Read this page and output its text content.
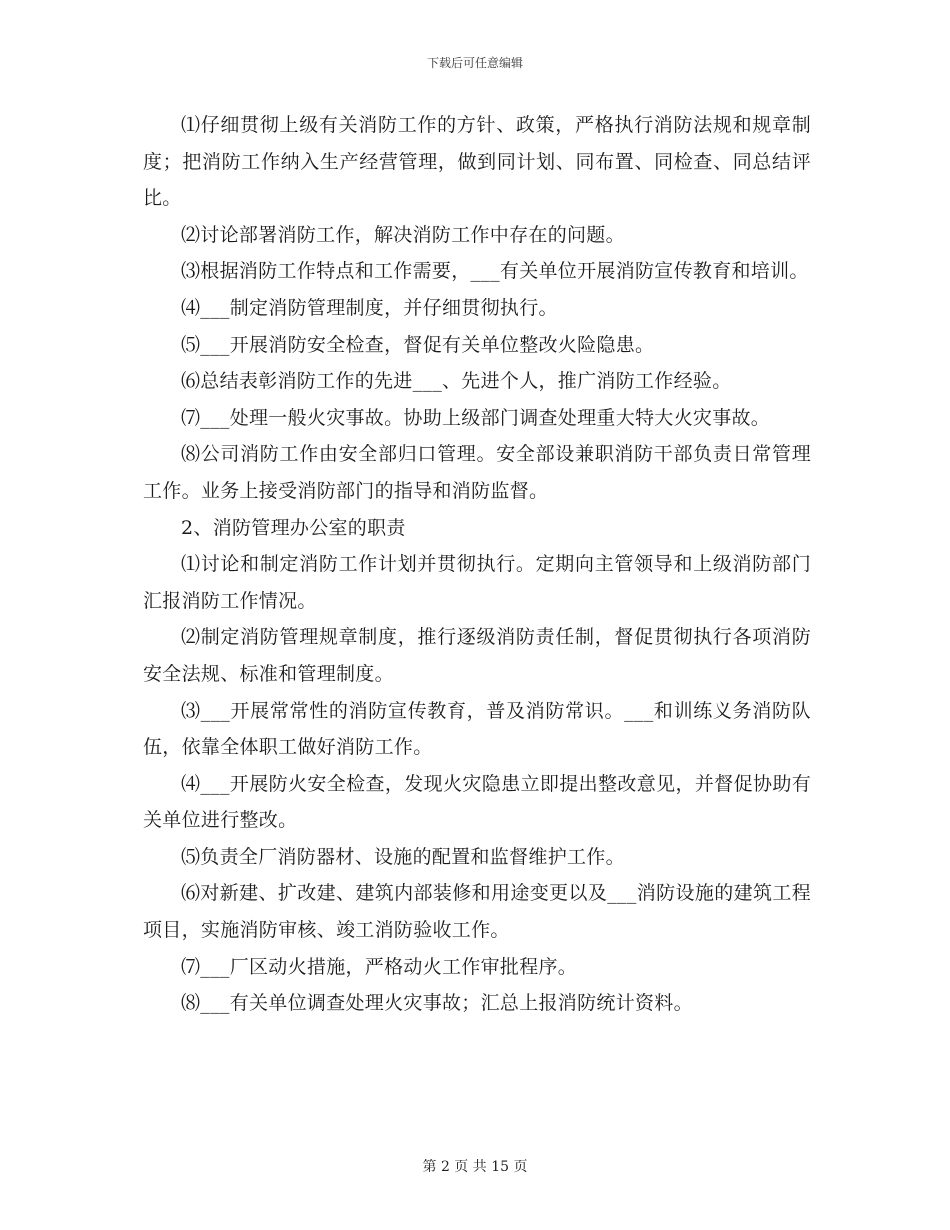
下载后可任意编辑

⑴仔细贯彻上级有关消防工作的方针、政策，严格执行消防法规和规章制度；把消防工作纳入生产经营管理，做到同计划、同布置、同检查、同总结评比。

⑵讨论部署消防工作，解决消防工作中存在的问题。

⑶根据消防工作特点和工作需要，___有关单位开展消防宣传教育和培训。

⑷___制定消防管理制度，并仔细贯彻执行。

⑸___开展消防安全检查，督促有关单位整改火险隐患。

⑹总结表彰消防工作的先进___、先进个人，推广消防工作经验。

⑺___处理一般火灾事故。协助上级部门调查处理重大特大火灾事故。

⑻公司消防工作由安全部归口管理。安全部设兼职消防干部负责日常管理工作。业务上接受消防部门的指导和消防监督。

2、消防管理办公室的职责

⑴讨论和制定消防工作计划并贯彻执行。定期向主管领导和上级消防部门汇报消防工作情况。

⑵制定消防管理规章制度，推行逐级消防责任制，督促贯彻执行各项消防安全法规、标准和管理制度。

⑶___开展常常性的消防宣传教育，普及消防常识。___和训练义务消防队伍，依靠全体职工做好消防工作。

⑷___开展防火安全检查，发现火灾隐患立即提出整改意见，并督促协助有关单位进行整改。

⑸负责全厂消防器材、设施的配置和监督维护工作。

⑹对新建、扩改建、建筑内部装修和用途变更以及___消防设施的建筑工程项目，实施消防审核、竣工消防验收工作。

⑺___厂区动火措施，严格动火工作审批程序。

⑻___有关单位调查处理火灾事故；汇总上报消防统计资料。

第 2 页 共 15 页
